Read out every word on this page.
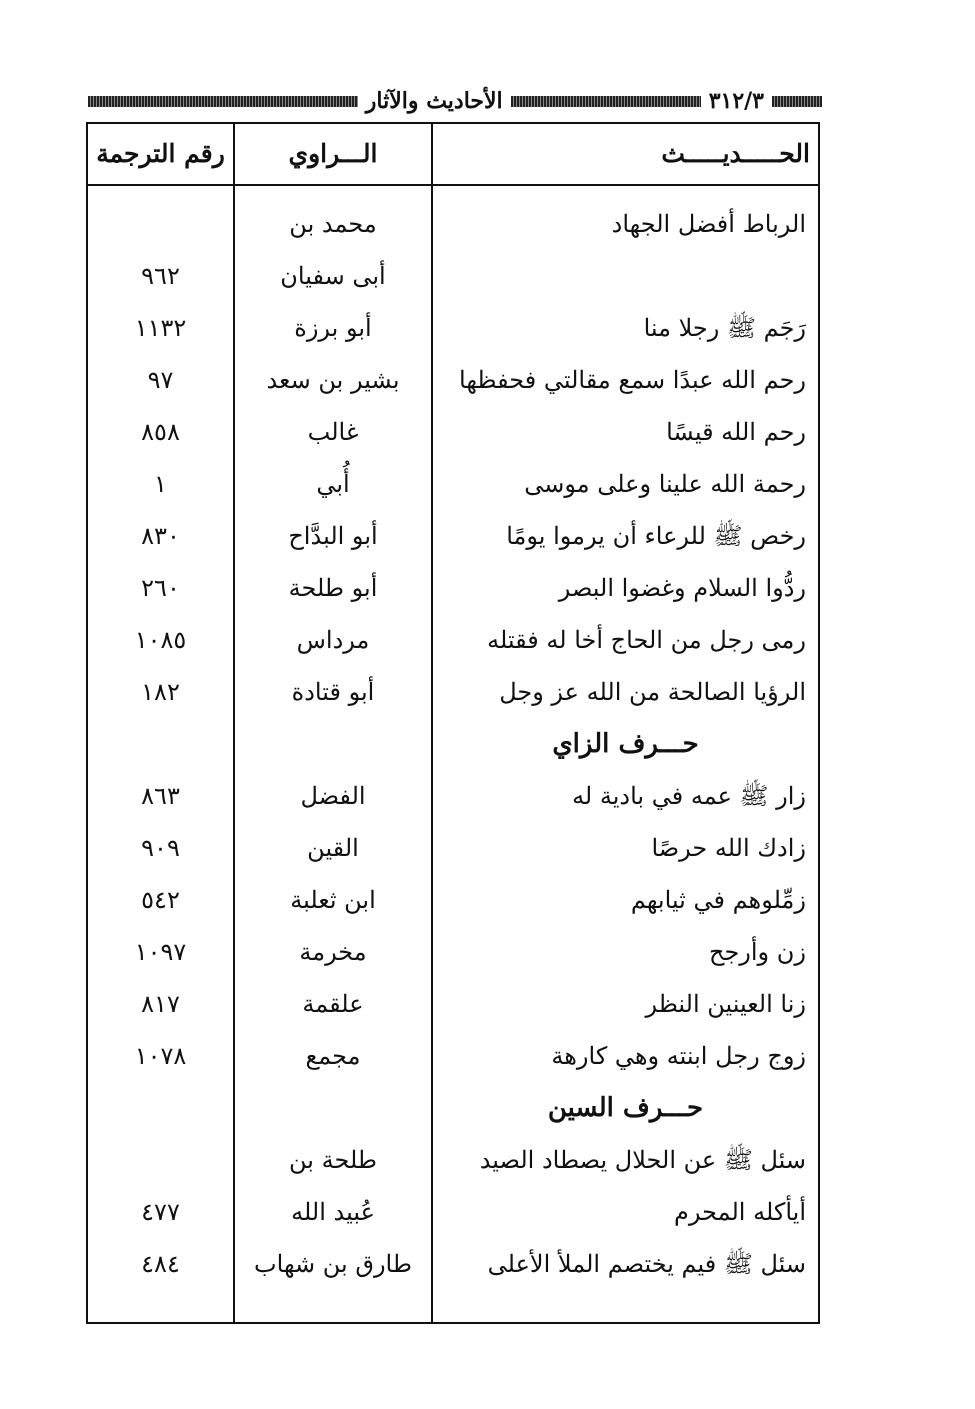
٣١٢/٣
الأحاديث والآثار
الحـــــديـــــث
الـــراوي
رقم الترجمة
الرباط أفضل الجهاد
محمد بن
أبى سفيان
٩٦٢
رَجَم ﷺ رجلا منا
أبو برزة
١١٣٢
رحم الله عبدًا سمع مقالتي فحفظها
بشير بن سعد
٩٧
رحم الله قيسًا
غالب
٨٥٨
رحمة الله علينا وعلى موسى
أُبي
١
رخص ﷺ للرعاء أن يرموا يومًا
أبو البدَّاح
٨٣٠
ردُّوا السلام وغضوا البصر
أبو طلحة
٢٦٠
رمى رجل من الحاج أخا له فقتله
مرداس
١٠٨٥
الرؤيا الصالحة من الله عز وجل
أبو قتادة
١٨٢
حـــرف الزاي
زار ﷺ عمه في بادية له
الفضل
٨٦٣
زادك الله حرصًا
القين
٩٠٩
زمِّلوهم في ثيابهم
ابن ثعلبة
٥٤٢
زن وأرجح
مخرمة
١٠٩٧
زنا العينين النظر
علقمة
٨١٧
زوج رجل ابنته وهي كارهة
مجمع
١٠٧٨
حـــرف السين
سئل ﷺ عن الحلال يصطاد الصيد
طلحة بن
أيأكله المحرم
عُبيد الله
٤٧٧
سئل ﷺ فيم يختصم الملأ الأعلى
طارق بن شهاب
٤٨٤
